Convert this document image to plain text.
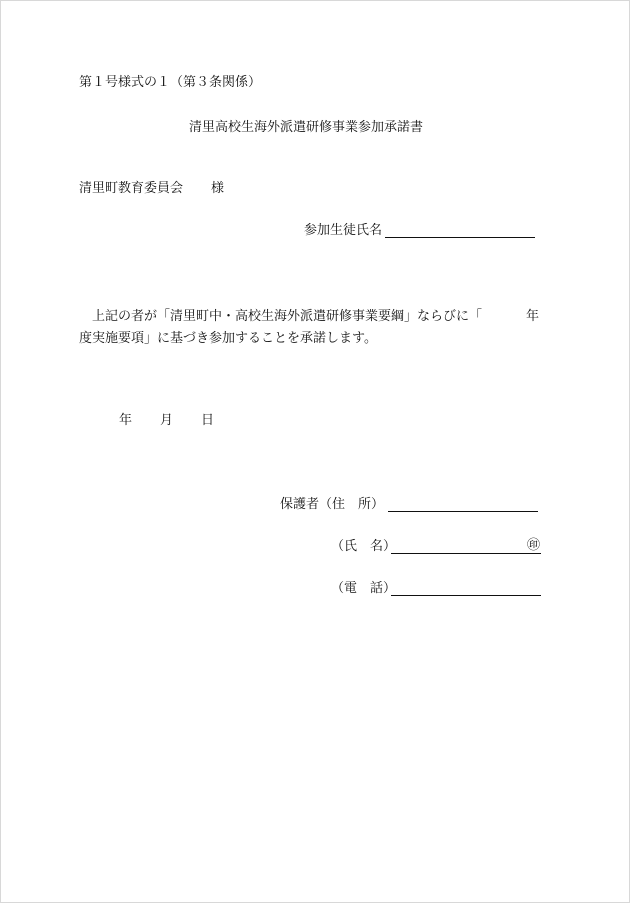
第１号様式の１（第３条関係）
清里高校生海外派遣研修事業参加承諾書
清里町教育委員会 様
参加生徒氏名
上記の者が「清里町中・高校生海外派遣研修事業要綱」ならびに「	年
度実施要項」に基づき参加することを承諾します。
年 月 日
保護者（住　所）
（氏　名）	㊞
（電　話）
